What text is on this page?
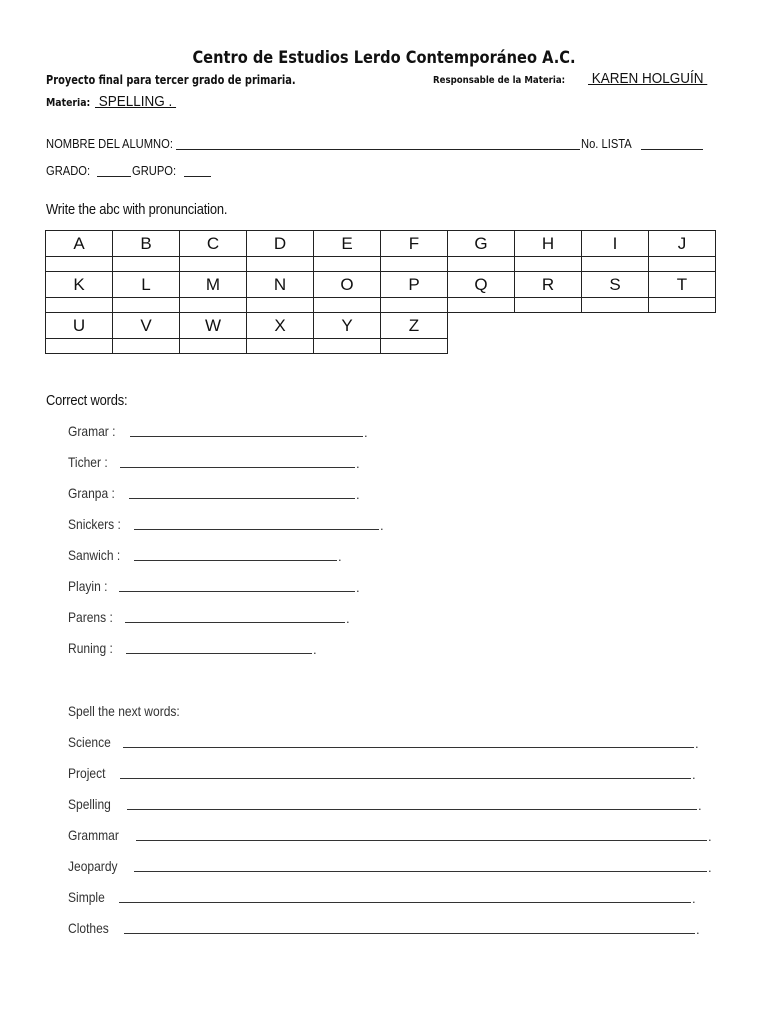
Centro de Estudios Lerdo Contemporáneo A.C.
Proyecto final para tercer grado de primaria.	Responsable de la Materia: KAREN HOLGUÍN
Materia: SPELLING .
NOMBRE DEL ALUMNO:	No. LISTA
GRADO:	GRUPO:
Write the abc with pronunciation.
A	B	C	D	E	F	G	H	I	J

K	L	M	N	O	P	Q	R	S	T

U	V	W	X	Y	Z				

Correct words:
Gramar :	.
Ticher :	.
Granpa :	.
Snickers :	.
Sanwich :	.
Playin :	.
Parens :	.
Runing :	.
Spell the next words:
Science	.
Project	.
Spelling	.
Grammar	.
Jeopardy	.
Simple	.
Clothes	.
